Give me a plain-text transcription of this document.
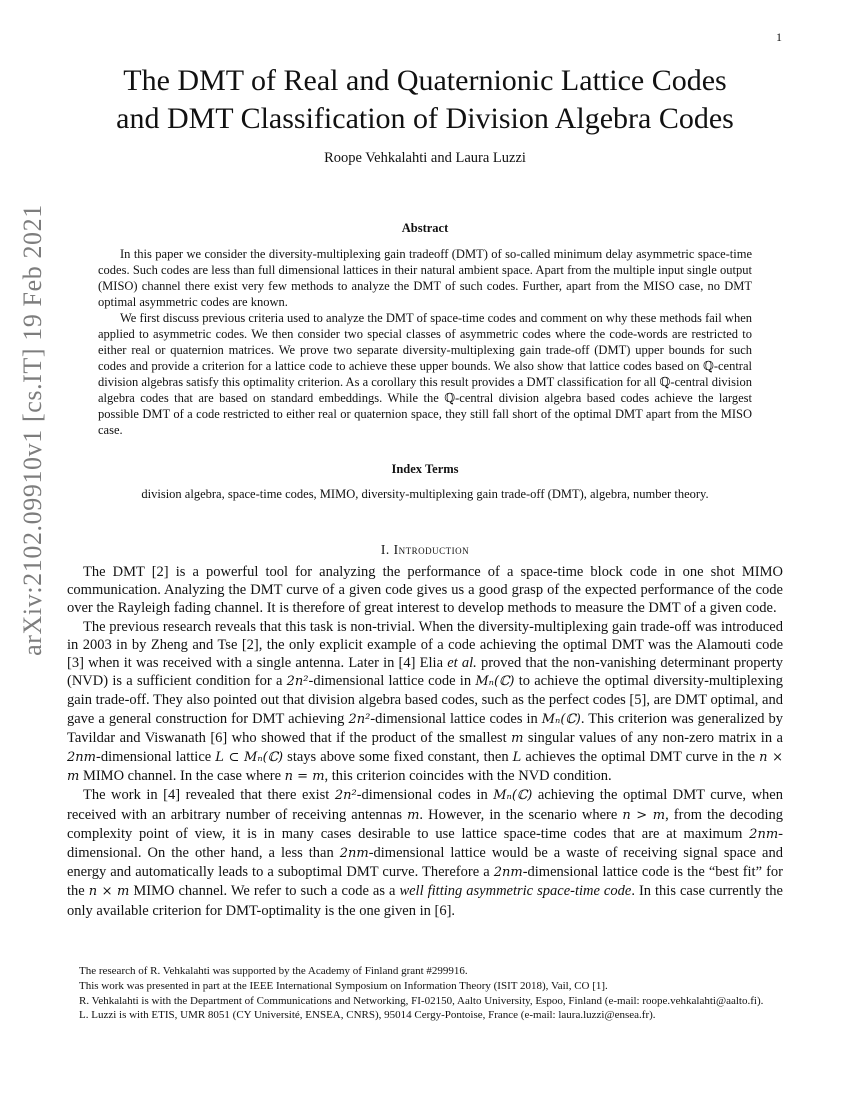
1
arXiv:2102.09910v1 [cs.IT] 19 Feb 2021
The DMT of Real and Quaternionic Lattice Codes
and DMT Classification of Division Algebra Codes
Roope Vehkalahti and Laura Luzzi
Abstract

In this paper we consider the diversity-multiplexing gain tradeoff (DMT) of so-called minimum delay asymmetric space-time codes. Such codes are less than full dimensional lattices in their natural ambient space. Apart from the multiple input single output (MISO) channel there exist very few methods to analyze the DMT of such codes. Further, apart from the MISO case, no DMT optimal asymmetric codes are known.

We first discuss previous criteria used to analyze the DMT of space-time codes and comment on why these methods fail when applied to asymmetric codes. We then consider two special classes of asymmetric codes where the code-words are restricted to either real or quaternion matrices. We prove two separate diversity-multiplexing gain trade-off (DMT) upper bounds for such codes and provide a criterion for a lattice code to achieve these upper bounds. We also show that lattice codes based on ℚ-central division algebras satisfy this optimality criterion. As a corollary this result provides a DMT classification for all ℚ-central division algebra codes that are based on standard embeddings. While the ℚ-central division algebra based codes achieve the largest possible DMT of a code restricted to either real or quaternion space, they still fall short of the optimal DMT apart from the MISO case.

Index Terms
division algebra, space-time codes, MIMO, diversity-multiplexing gain trade-off (DMT), algebra, number theory.
I. Introduction

The DMT [2] is a powerful tool for analyzing the performance of a space-time block code in one shot MIMO communication. Analyzing the DMT curve of a given code gives us a good grasp of the expected performance of the code over the Rayleigh fading channel. It is therefore of great interest to develop methods to measure the DMT of a given code.

The previous research reveals that this task is non-trivial. When the diversity-multiplexing gain trade-off was introduced in 2003 in by Zheng and Tse [2], the only explicit example of a code achieving the optimal DMT was the Alamouti code [3] when it was received with a single antenna. Later in [4] Elia et al. proved that the non-vanishing determinant property (NVD) is a sufficient condition for a 2n²-dimensional lattice code in Mₙ(ℂ) to achieve the optimal diversity-multiplexing gain trade-off. They also pointed out that division algebra based codes, such as the perfect codes [5], are DMT optimal, and gave a general construction for DMT achieving 2n²-dimensional lattice codes in Mₙ(ℂ). This criterion was generalized by Tavildar and Viswanath [6] who showed that if the product of the smallest m singular values of any non-zero matrix in a 2nm-dimensional lattice L ⊂ Mₙ(ℂ) stays above some fixed constant, then L achieves the optimal DMT curve in the n × m MIMO channel. In the case where n = m, this criterion coincides with the NVD condition.

The work in [4] revealed that there exist 2n²-dimensional codes in Mₙ(ℂ) achieving the optimal DMT curve, when received with an arbitrary number of receiving antennas m. However, in the scenario where n > m, from the decoding complexity point of view, it is in many cases desirable to use lattice space-time codes that are at maximum 2nm-dimensional. On the other hand, a less than 2nm-dimensional lattice would be a waste of receiving signal space and energy and automatically leads to a suboptimal DMT curve. Therefore a 2nm-dimensional lattice code is the “best fit” for the n × m MIMO channel. We refer to such a code as a well fitting asymmetric space-time code. In this case currently the only available criterion for DMT-optimality is the one given in [6].

The research of R. Vehkalahti was supported by the Academy of Finland grant #299916.

This work was presented in part at the IEEE International Symposium on Information Theory (ISIT 2018), Vail, CO [1].

R. Vehkalahti is with the Department of Communications and Networking, FI-02150, Aalto University, Espoo, Finland (e-mail: roope.vehkalahti@aalto.fi).

L. Luzzi is with ETIS, UMR 8051 (CY Université, ENSEA, CNRS), 95014 Cergy-Pontoise, France (e-mail: laura.luzzi@ensea.fr).
